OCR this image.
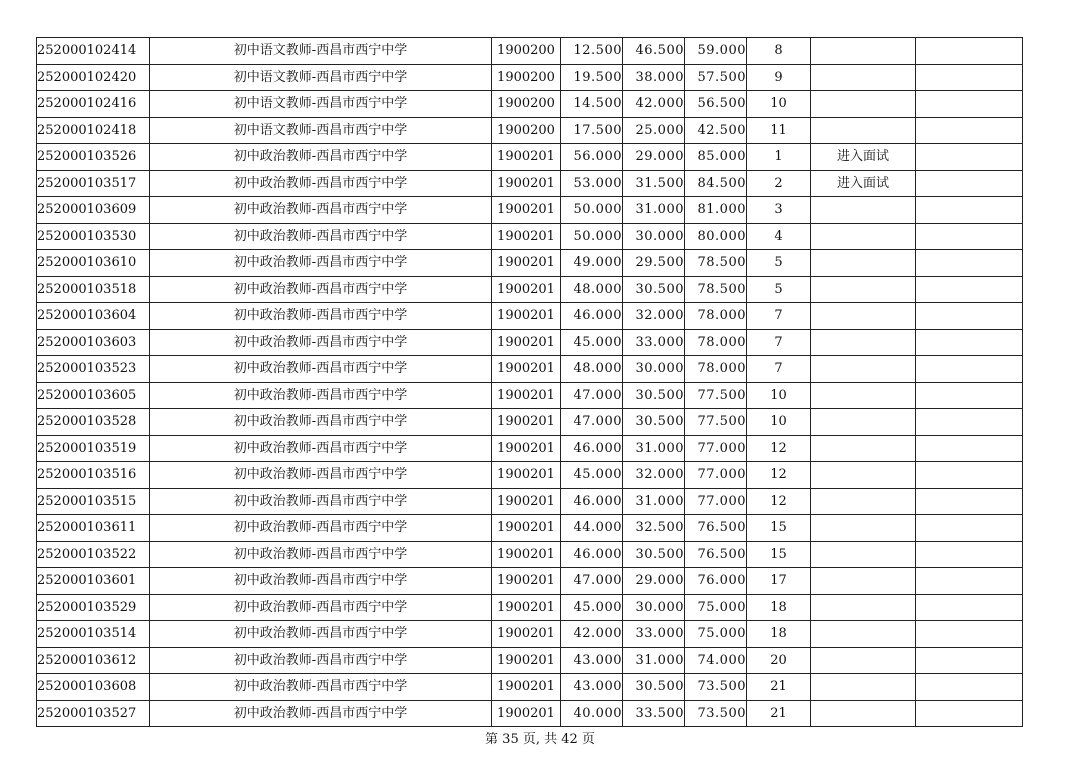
252000102414	初中语文教师-西昌市西宁中学	1900200	12.500	46.500	59.000	8		
252000102420	初中语文教师-西昌市西宁中学	1900200	19.500	38.000	57.500	9		
252000102416	初中语文教师-西昌市西宁中学	1900200	14.500	42.000	56.500	10		
252000102418	初中语文教师-西昌市西宁中学	1900200	17.500	25.000	42.500	11		
252000103526	初中政治教师-西昌市西宁中学	1900201	56.000	29.000	85.000	1	进入面试	
252000103517	初中政治教师-西昌市西宁中学	1900201	53.000	31.500	84.500	2	进入面试	
252000103609	初中政治教师-西昌市西宁中学	1900201	50.000	31.000	81.000	3		
252000103530	初中政治教师-西昌市西宁中学	1900201	50.000	30.000	80.000	4		
252000103610	初中政治教师-西昌市西宁中学	1900201	49.000	29.500	78.500	5		
252000103518	初中政治教师-西昌市西宁中学	1900201	48.000	30.500	78.500	5		
252000103604	初中政治教师-西昌市西宁中学	1900201	46.000	32.000	78.000	7		
252000103603	初中政治教师-西昌市西宁中学	1900201	45.000	33.000	78.000	7		
252000103523	初中政治教师-西昌市西宁中学	1900201	48.000	30.000	78.000	7		
252000103605	初中政治教师-西昌市西宁中学	1900201	47.000	30.500	77.500	10		
252000103528	初中政治教师-西昌市西宁中学	1900201	47.000	30.500	77.500	10		
252000103519	初中政治教师-西昌市西宁中学	1900201	46.000	31.000	77.000	12		
252000103516	初中政治教师-西昌市西宁中学	1900201	45.000	32.000	77.000	12		
252000103515	初中政治教师-西昌市西宁中学	1900201	46.000	31.000	77.000	12		
252000103611	初中政治教师-西昌市西宁中学	1900201	44.000	32.500	76.500	15		
252000103522	初中政治教师-西昌市西宁中学	1900201	46.000	30.500	76.500	15		
252000103601	初中政治教师-西昌市西宁中学	1900201	47.000	29.000	76.000	17		
252000103529	初中政治教师-西昌市西宁中学	1900201	45.000	30.000	75.000	18		
252000103514	初中政治教师-西昌市西宁中学	1900201	42.000	33.000	75.000	18		
252000103612	初中政治教师-西昌市西宁中学	1900201	43.000	31.000	74.000	20		
252000103608	初中政治教师-西昌市西宁中学	1900201	43.000	30.500	73.500	21		
252000103527	初中政治教师-西昌市西宁中学	1900201	40.000	33.500	73.500	21		
第 35 页, 共 42 页
